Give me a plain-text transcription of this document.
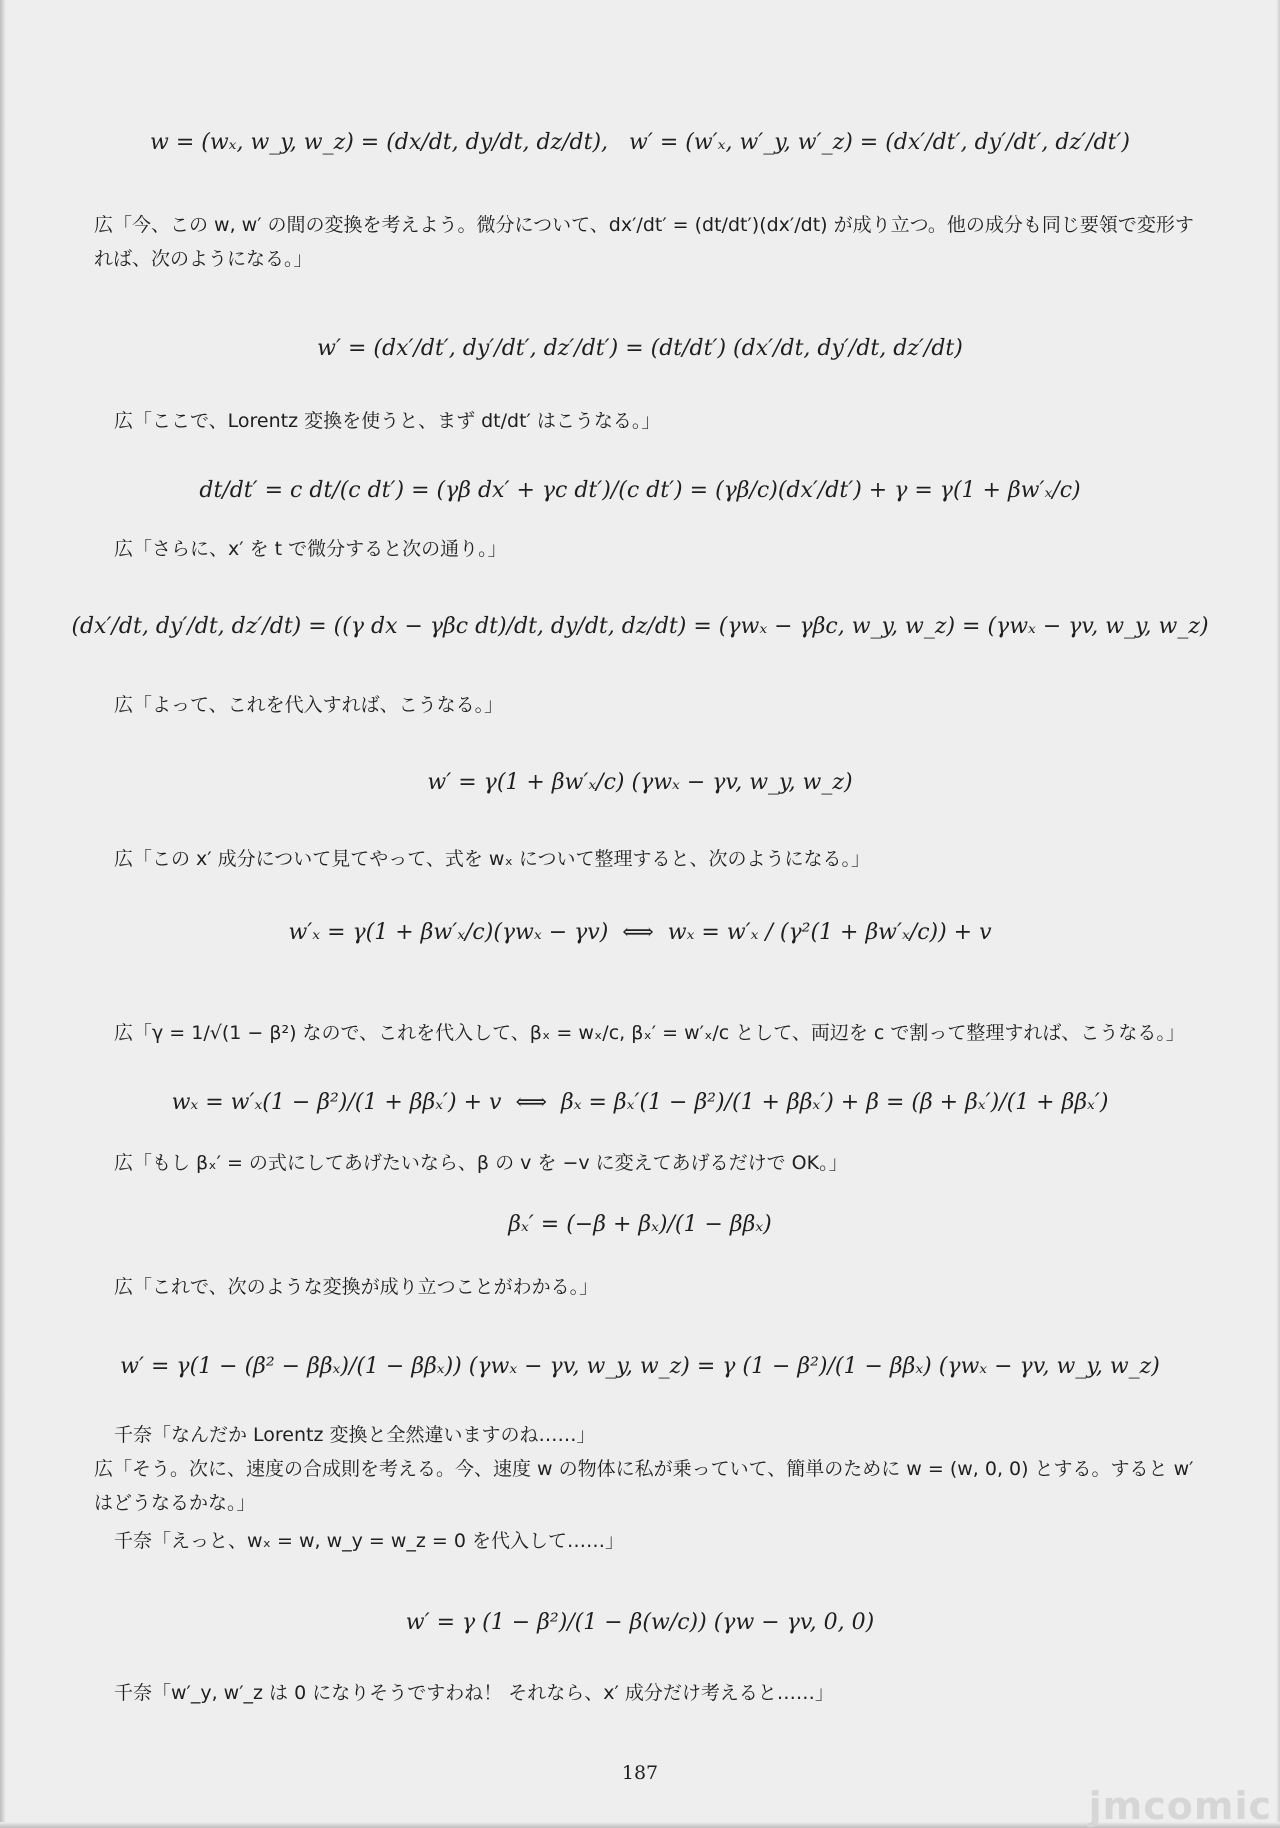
w = (wₓ, w_y, w_z) = (dx/dt, dy/dt, dz/dt),   w′ = (w′ₓ, w′_y, w′_z) = (dx′/dt′, dy′/dt′, dz′/dt′)
広「今、この w, w′ の間の変換を考えよう。微分について、dx′/dt′ = (dt/dt′)(dx′/dt) が成り立つ。他の成分も同じ要領で変形すれば、次のようになる。」
w′ = (dx′/dt′, dy′/dt′, dz′/dt′) = (dt/dt′) (dx′/dt, dy′/dt, dz′/dt)
広「ここで、Lorentz 変換を使うと、まず dt/dt′ はこうなる。」
dt/dt′ = c dt/(c dt′) = (γβ dx′ + γc dt′)/(c dt′) = (γβ/c)(dx′/dt′) + γ = γ(1 + βw′ₓ/c)
広「さらに、x′ を t で微分すると次の通り。」
(dx′/dt, dy′/dt, dz′/dt) = ((γ dx − γβc dt)/dt, dy/dt, dz/dt) = (γwₓ − γβc, w_y, w_z) = (γwₓ − γv, w_y, w_z)
広「よって、これを代入すれば、こうなる。」
w′ = γ(1 + βw′ₓ/c) (γwₓ − γv, w_y, w_z)
広「この x′ 成分について見てやって、式を wₓ について整理すると、次のようになる。」
w′ₓ = γ(1 + βw′ₓ/c)(γwₓ − γv)  ⟺  wₓ = w′ₓ / (γ²(1 + βw′ₓ/c)) + v
広「γ = 1/√(1 − β²) なので、これを代入して、βₓ = wₓ/c, βₓ′ = w′ₓ/c として、両辺を c で割って整理すれば、こうなる。」
wₓ = w′ₓ(1 − β²)/(1 + ββₓ′) + v  ⟺  βₓ = βₓ′(1 − β²)/(1 + ββₓ′) + β = (β + βₓ′)/(1 + ββₓ′)
広「もし βₓ′ = の式にしてあげたいなら、β の v を −v に変えてあげるだけで OK。」
βₓ′ = (−β + βₓ)/(1 − ββₓ)
広「これで、次のような変換が成り立つことがわかる。」
w′ = γ(1 − (β² − ββₓ)/(1 − ββₓ)) (γwₓ − γv, w_y, w_z) = γ (1 − β²)/(1 − ββₓ) (γwₓ − γv, w_y, w_z)
千奈「なんだか Lorentz 変換と全然違いますのね……」
広「そう。次に、速度の合成則を考える。今、速度 w の物体に私が乗っていて、簡単のために w = (w, 0, 0) とする。すると w′ はどうなるかな。」
千奈「えっと、wₓ = w, w_y = w_z = 0 を代入して……」
w′ = γ (1 − β²)/(1 − β(w/c)) (γw − γv, 0, 0)
千奈「w′_y, w′_z は 0 になりそうですわね！ それなら、x′ 成分だけ考えると……」
187
jmcomic
